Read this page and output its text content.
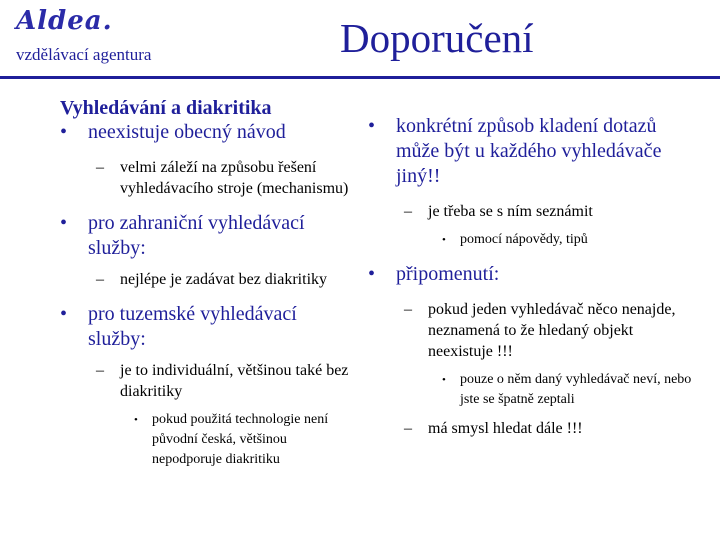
Aldea.
vzdělávací agentura	Doporučení
Vyhledávání a diakritika
• neexistuje obecný návod
– velmi záleží na způsobu řešení vyhledávacího stroje (mechanismu)
• pro zahraniční vyhledávací služby:
– nejlépe je zadávat bez diakritiky
• pro tuzemské vyhledávací služby:
– je to individuální, většinou také bez diakritiky
• pokud použitá technologie není původní česká, většinou nepodporuje diakritiku
• konkrétní způsob kladení dotazů může být u každého vyhledávače jiný!!
– je třeba se s ním seznámit
• pomocí nápovědy, tipů
• připomenutí:
– pokud jeden vyhledávač něco nenajde, neznamená to že hledaný objekt neexistuje !!!
• pouze o něm daný vyhledávač neví, nebo jste se špatně zeptali
– má smysl hledat dále !!!
